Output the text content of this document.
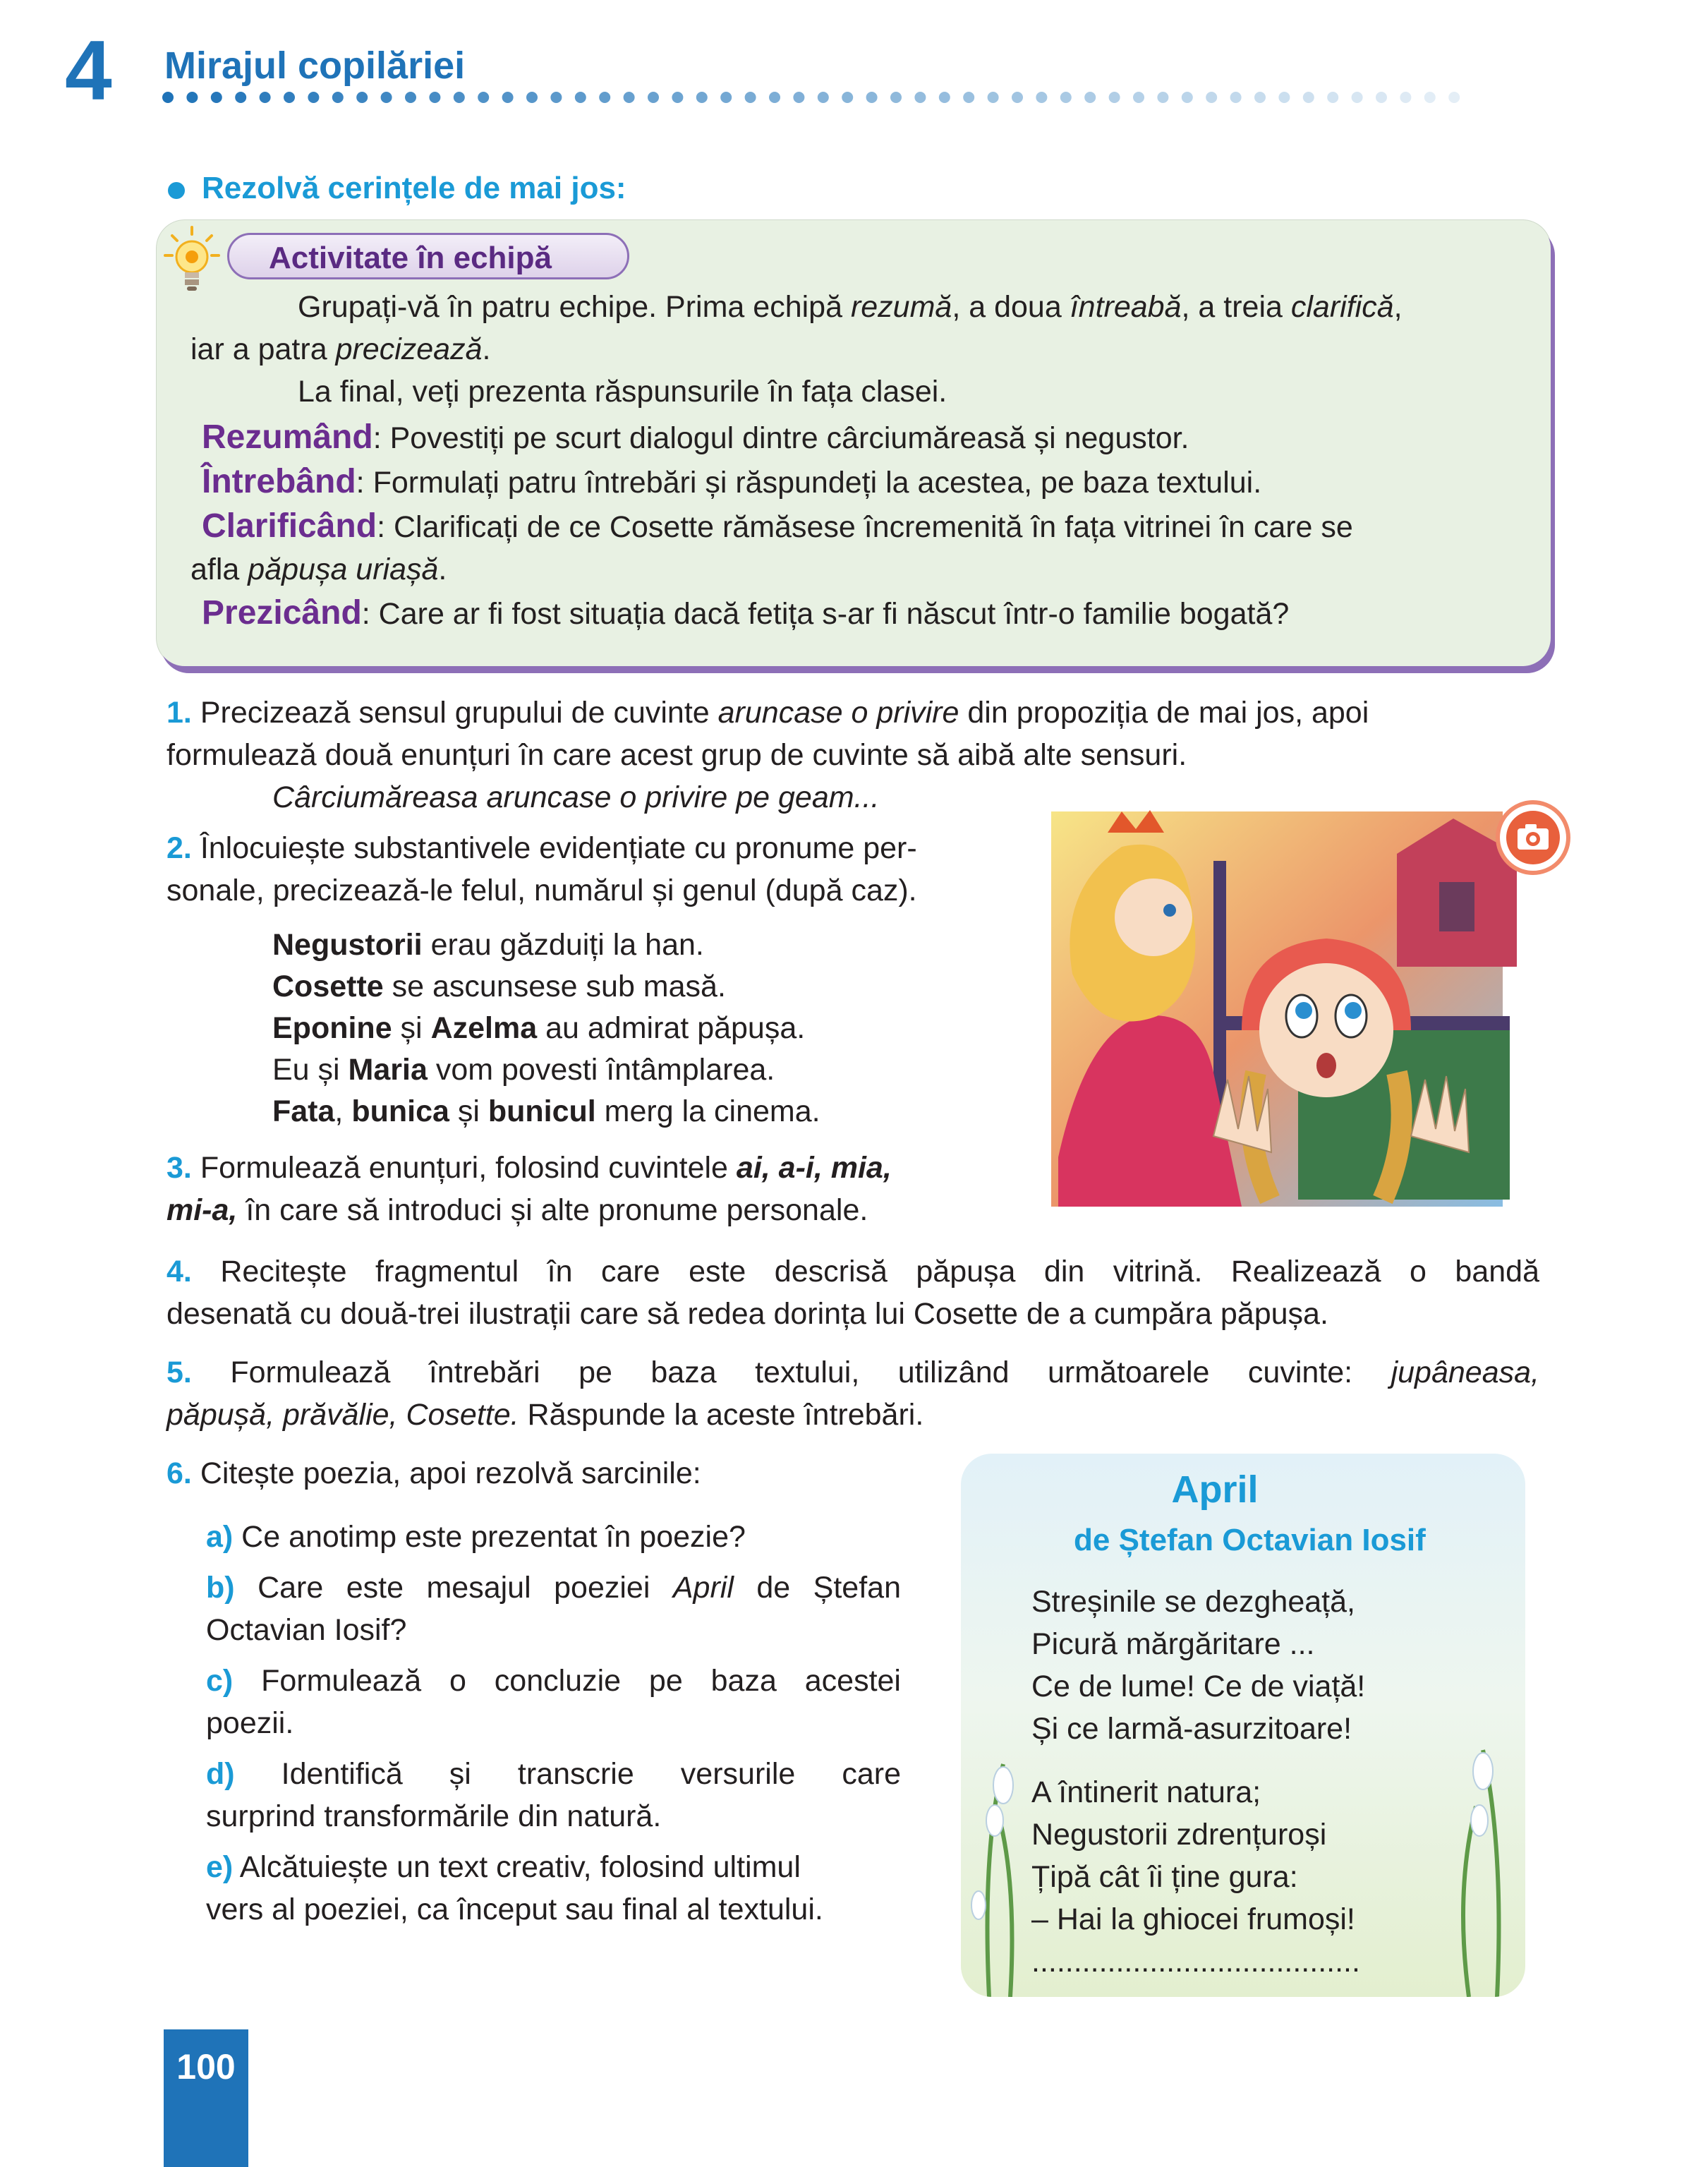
4 Mirajul copilăriei
Rezolvă cerințele de mai jos:
Activitate în echipă
Grupați-vă în patru echipe. Prima echipă rezumă, a doua întreabă, a treia clarifică,
iar a patra precizează.
La final, veți prezenta răspunsurile în fața clasei.
Rezumând: Povestiți pe scurt dialogul dintre cârciumăreasă și negustor.
Întrebând: Formulați patru întrebări și răspundeți la acestea, pe baza textului.
Clarificând: Clarificați de ce Cosette rămăsese încremenită în fața vitrinei în care se
afla păpușa uriașă.
Prezicând: Care ar fi fost situația dacă fetița s-ar fi născut într-o familie bogată?
1. Precizează sensul grupului de cuvinte aruncase o privire din propoziția de mai jos, apoi
formulează două enunțuri în care acest grup de cuvinte să aibă alte sensuri.
Cârciumăreasa aruncase o privire pe geam...
2. Înlocuiește substantivele evidențiate cu pronume per-
sonale, precizează-le felul, numărul și genul (după caz).
Negustorii erau găzduiți la han.
Cosette se ascunsese sub masă.
Eponine și Azelma au admirat păpușa.
Eu și Maria vom povesti întâmplarea.
Fata, bunica și bunicul merg la cinema.
3. Formulează enunțuri, folosind cuvintele ai, a-i, mia,
mi-a, în care să introduci și alte pronume personale.
4. Recitește fragmentul în care este descrisă păpușa din vitrină. Realizează o bandă
desenată cu două-trei ilustrații care să redea dorința lui Cosette de a cumpăra păpușa.
5. Formulează întrebări pe baza textului, utilizând următoarele cuvinte: jupâneasa,
păpușă, prăvălie, Cosette. Răspunde la aceste întrebări.
6. Citește poezia, apoi rezolvă sarcinile:
a) Ce anotimp este prezentat în poezie?
b) Care este mesajul poeziei April de Ștefan
Octavian Iosif?
c) Formulează o concluzie pe baza acestei
poezii.
d) Identifică și transcrie versurile care
surprind transformările din natură.
e) Alcătuiește un text creativ, folosind ultimul
vers al poeziei, ca început sau final al textului.
April
de Ștefan Octavian Iosif
Streșinile se dezgheață,
Picură mărgăritare ...
Ce de lume! Ce de viață!
Și ce larmă-asurzitoare!
A întinerit natura;
Negustorii zdrențuroși
Țipă cât îi ține gura:
– Hai la ghiocei frumoși!
.......................................
100
